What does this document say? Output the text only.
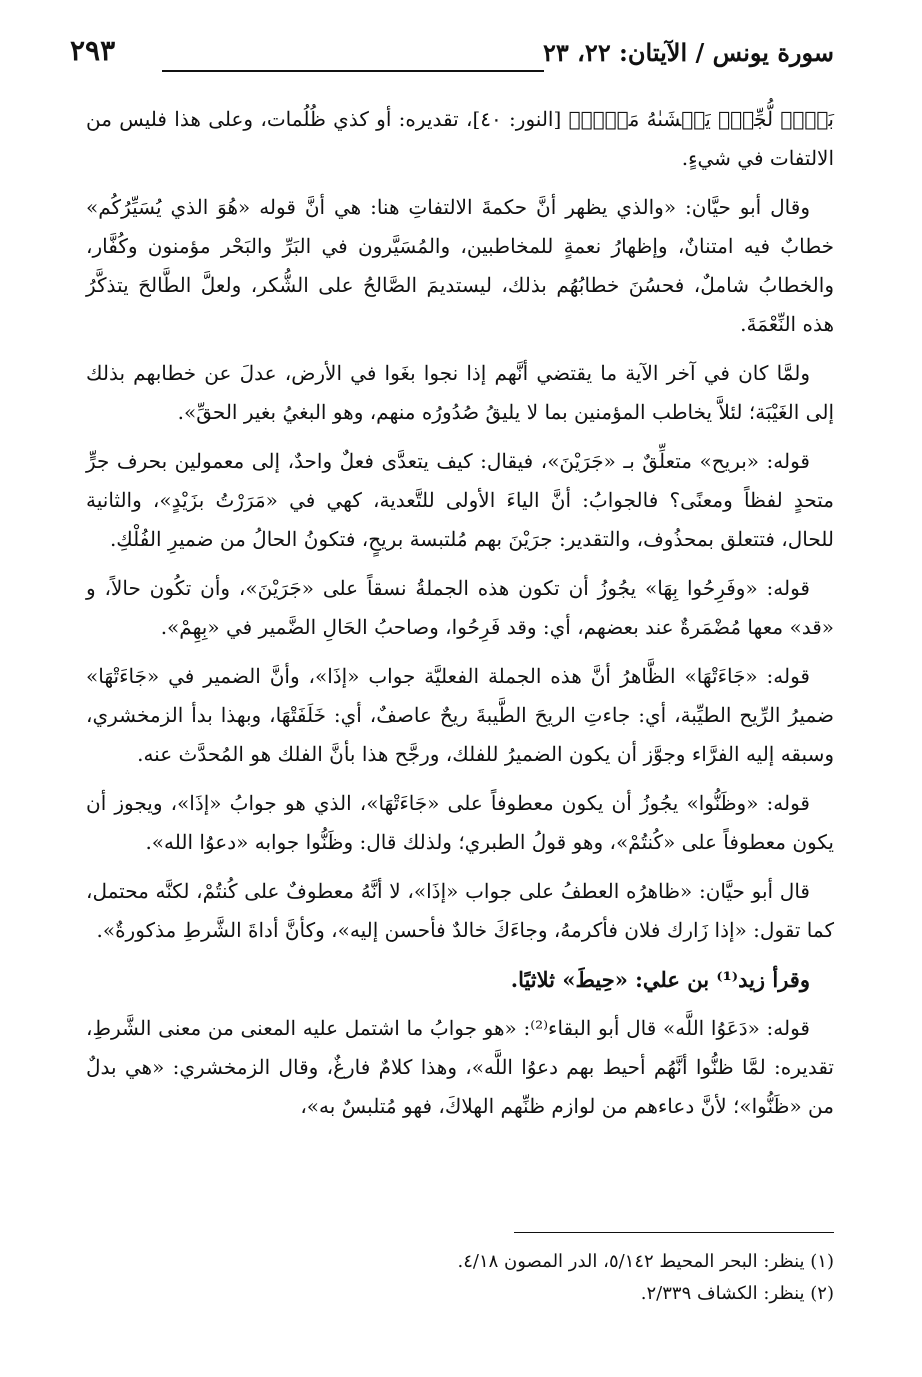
سورة يونس / الآيتان: ٢٢، ٢٣
٢٩٣

بَحۡرٖ لُّجِّيّٖ يَغۡشَىٰهُ مَوۡجٞ﴾ [النور: ٤٠]، تقديره: أو كذي ظُلُمات، وعلى هذا فليس من الالتفات في شيءٍ.

وقال أبو حيَّان: «والذي يظهر أنَّ حكمةَ الالتفاتِ هنا: هي أنَّ قوله «هُوَ الذي يُسَيِّرُكُم» خطابٌ فيه امتنانٌ، وإظهارُ نعمةٍ للمخاطبين، والمُسَيَّرون في البَرِّ والبَحْر مؤمنون وكُفَّار، والخطابُ شاملٌ، فحسُنَ خطابُهُم بذلك، ليستديمَ الصَّالحُ على الشُّكر، ولعلَّ الطَّالحَ يتذكَّرُ هذه النِّعْمَةَ.

ولمَّا كان في آخر الآية ما يقتضي أنَّهم إذا نجوا بغَوا في الأرض، عدلَ عن خطابهم بذلك إلى الغَيْبَة؛ لئلاَّ يخاطب المؤمنين بما لا يليقُ صُدُورُه منهم، وهو البغيُ بغير الحقِّ».

قوله: «بريح» متعلِّقٌ بـ «جَرَيْنَ»، فيقال: كيف يتعدَّى فعلٌ واحدٌ، إلى معمولين بحرف جرٍّ متحدٍ لفظاً ومعنًى؟ فالجوابُ: أنَّ الياءَ الأولى للتَّعدية، كهي في «مَرَرْتُ بزَيْدٍ»، والثانية للحال، فتتعلق بمحذُوف، والتقدير: جرَيْنَ بهم مُلتبسة بريحٍ، فتكونُ الحالُ من ضميرِ الفُلْكِ.

قوله: «وفَرِحُوا بِهَا» يجُوزُ أن تكون هذه الجملةُ نسقاً على «جَرَيْنَ»، وأن تكُون حالاً، و «قد» معها مُضْمَرةٌ عند بعضهم، أي: وقد فَرِحُوا، وصاحبُ الحَالِ الضَّمير في «بِهِمْ».

قوله: «جَاءَتْهَا» الظَّاهرُ أنَّ هذه الجملة الفعليَّة جواب «إذَا»، وأنَّ الضمير في «جَاءَتْهَا» ضميرُ الرِّيح الطيِّبة، أي: جاءتِ الريحَ الطَّيبةَ ريحٌ عاصفٌ، أي: خَلَفَتْهَا، وبهذا بدأ الزمخشري، وسبقه إليه الفرَّاء وجوَّز أن يكون الضميرُ للفلك، ورجَّح هذا بأنَّ الفلك هو المُحدَّث عنه.

قوله: «وظَنُّوا» يجُوزُ أن يكون معطوفاً على «جَاءَتْهَا»، الذي هو جوابُ «إذَا»، ويجوز أن يكون معطوفاً على «كُنتُمْ»، وهو قولُ الطبري؛ ولذلك قال: وظَنُّوا جوابه «دعوُا الله».

قال أبو حيَّان: «ظاهرُه العطفُ على جواب «إذَا»، لا أنَّهُ معطوفٌ على كُنتُمْ، لكنَّه محتمل، كما تقول: «إذا زَارك فلان فأكرمهُ، وجاءَكَ خالدٌ فأحسن إليه»، وكأنَّ أداةَ الشَّرطِ مذكورةٌ».

وقرأ زيد⁽¹⁾ بن علي: «حِيطَ» ثلاثيًا.

قوله: «دَعَوُا اللَّه» قال أبو البقاء⁽²⁾: «هو جوابُ ما اشتمل عليه المعنى من معنى الشَّرطِ، تقديره: لمَّا ظنُّوا أنَّهُم أحيط بهم دعوُا اللَّه»، وهذا كلامٌ فارغٌ، وقال الزمخشري: «هي بدلٌ من «ظَنُّوا»؛ لأنَّ دعاءهم من لوازم ظنِّهم الهلاكَ، فهو مُتلبسٌ به»،

(١) ينظر: البحر المحيط ٥/١٤٢، الدر المصون ٤/١٨.

(٢) ينظر: الكشاف ٢/٣٣٩.
